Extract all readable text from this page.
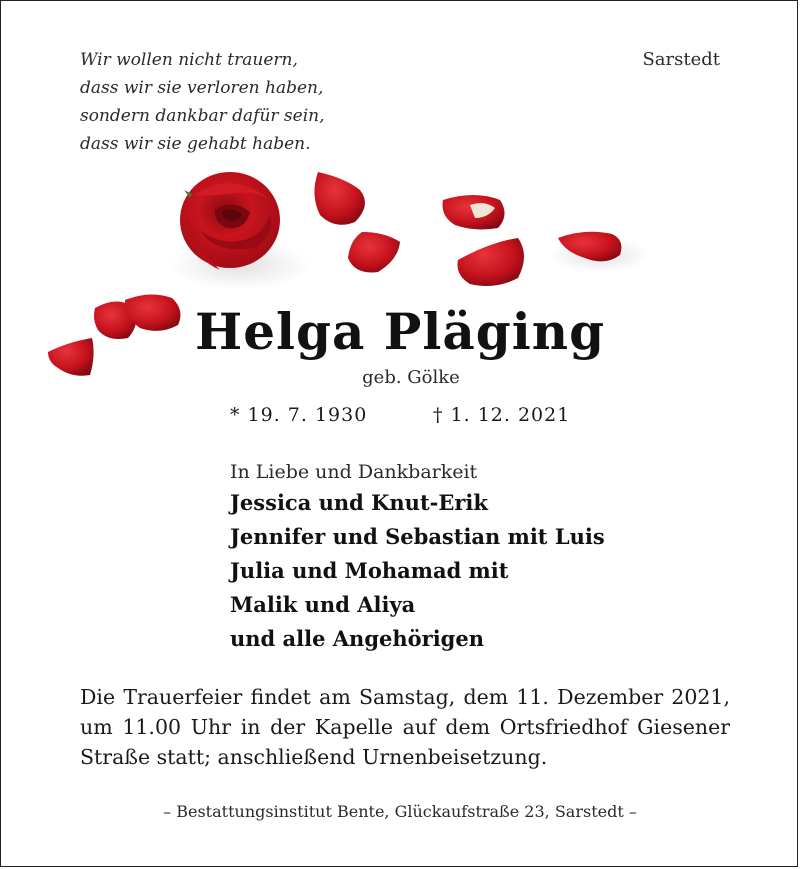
Wir wollen nicht trauern,
dass wir sie verloren haben,
sondern dankbar dafür sein,
dass wir sie gehabt haben.
Sarstedt
Helga Pläging
geb. Gölke
* 19. 7. 1930	† 1. 12. 2021
In Liebe und Dankbarkeit
Jessica und Knut-Erik
Jennifer und Sebastian mit Luis
Julia und Mohamad mit
Malik und Aliya
und alle Angehörigen
Die Trauerfeier findet am Samstag, dem 11. Dezember 2021, um 11.00 Uhr in der Kapelle auf dem Ortsfriedhof Giesener Straße statt; anschließend Urnenbeisetzung.
– Bestattungsinstitut Bente, Glückaufstraße 23, Sarstedt –
